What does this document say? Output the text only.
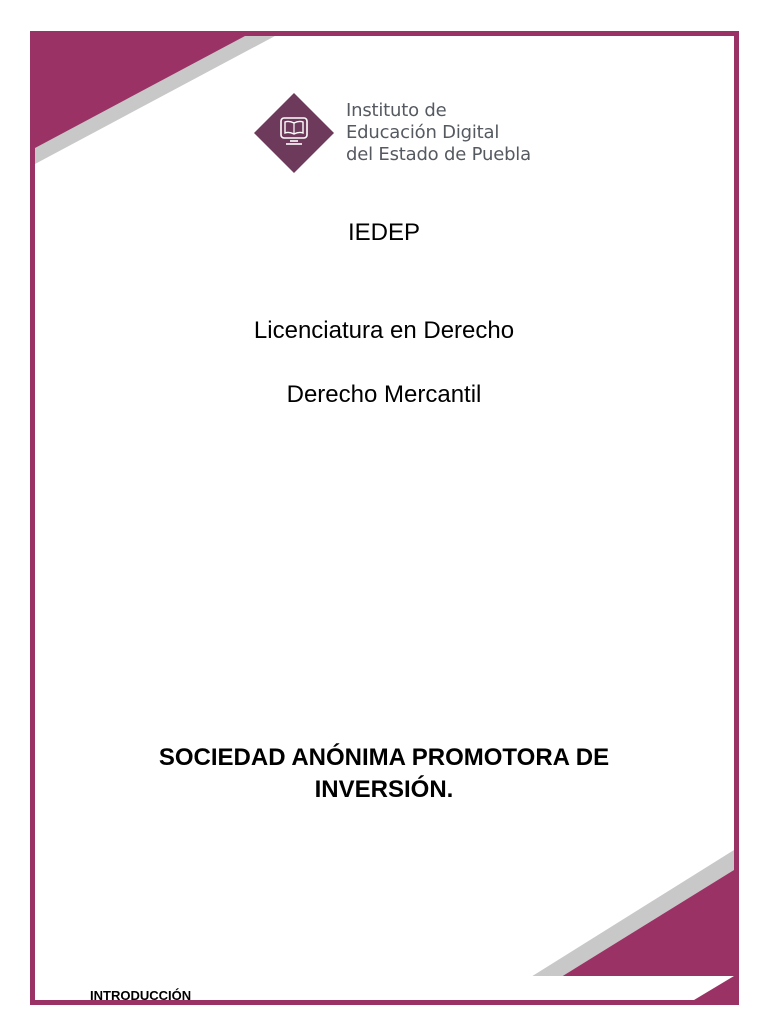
Instituto de
Educación Digital
del Estado de Puebla
IEDEP
Licenciatura en Derecho
Derecho Mercantil
SOCIEDAD ANÓNIMA PROMOTORA DE
INVERSIÓN.
INTRODUCCIÓN
